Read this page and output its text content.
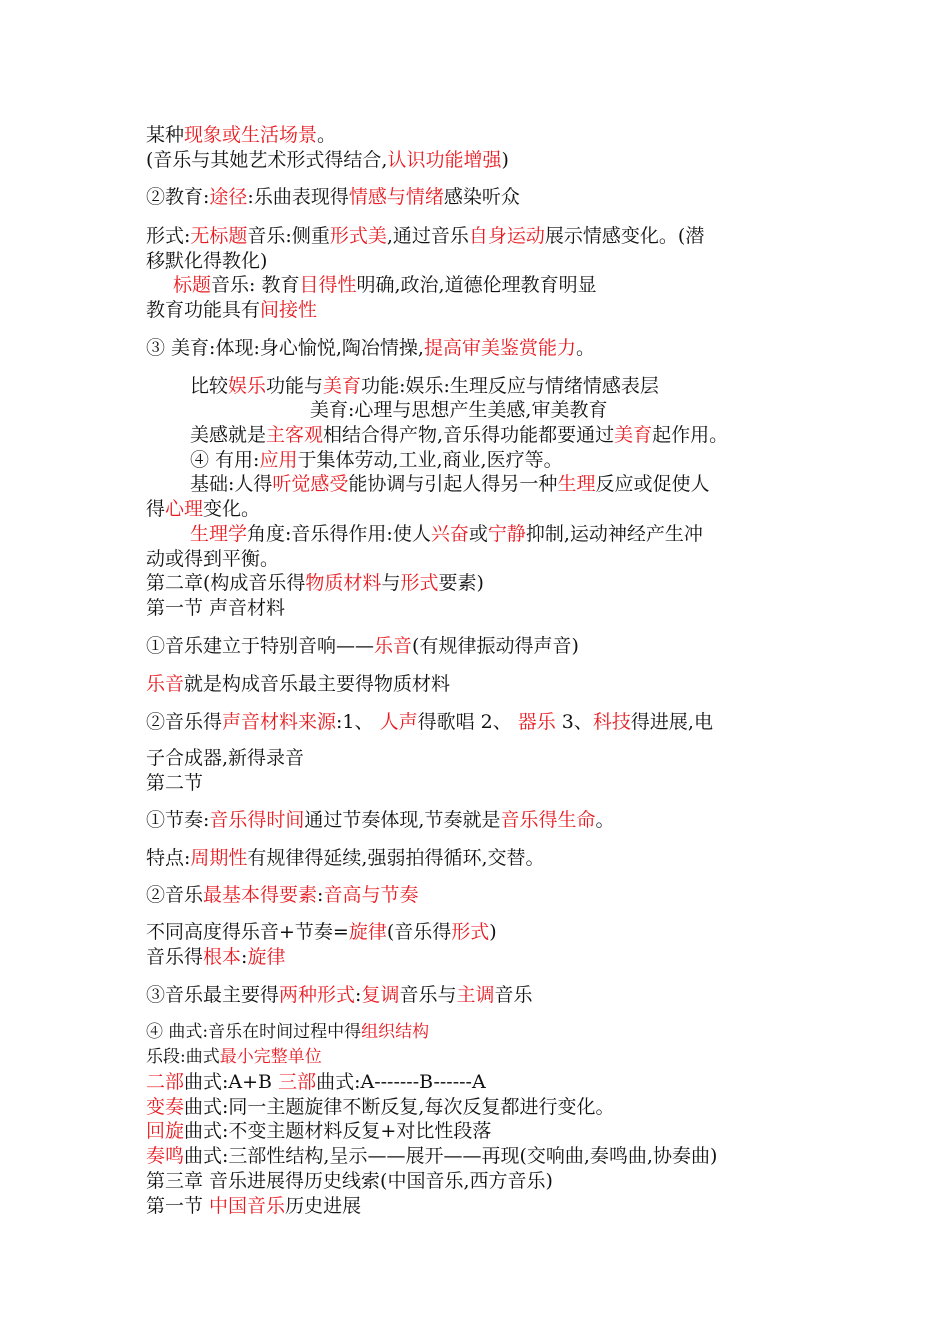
某种现象或生活场景。
(音乐与其她艺术形式得结合,认识功能增强)
②教育:途径:乐曲表现得情感与情绪感染听众
形式:无标题音乐:侧重形式美,通过音乐自身运动展示情感变化。(潜
移默化得教化)
标题音乐: 教育目得性明确,政治,道德伦理教育明显
教育功能具有间接性
③ 美育:体现:身心愉悦,陶冶情操,提高审美鉴赏能力。
比较娱乐功能与美育功能:娱乐:生理反应与情绪情感表层
美育:心理与思想产生美感,审美教育
美感就是主客观相结合得产物,音乐得功能都要通过美育起作用。
④ 有用:应用于集体劳动,工业,商业,医疗等。
基础:人得听觉感受能协调与引起人得另一种生理反应或促使人
得心理变化。
生理学角度:音乐得作用:使人兴奋或宁静抑制,运动神经产生冲
动或得到平衡。
第二章(构成音乐得物质材料与形式要素)
第一节 声音材料
①音乐建立于特别音响——乐音(有规律振动得声音)
乐音就是构成音乐最主要得物质材料
②音乐得声音材料来源:1、 人声得歌唱 2、 器乐 3、科技得进展,电
子合成器,新得录音
第二节
①节奏:音乐得时间通过节奏体现,节奏就是音乐得生命。
特点:周期性有规律得延续,强弱拍得循环,交替。
②音乐最基本得要素:音高与节奏
不同高度得乐音+节奏=旋律(音乐得形式)
音乐得根本:旋律
③音乐最主要得两种形式:复调音乐与主调音乐
④ 曲式:音乐在时间过程中得组织结构
乐段:曲式最小完整单位
二部曲式:A+B 三部曲式:A-------B------A
变奏曲式:同一主题旋律不断反复,每次反复都进行变化。
回旋曲式:不变主题材料反复+对比性段落
奏鸣曲式:三部性结构,呈示——展开——再现(交响曲,奏鸣曲,协奏曲)
第三章 音乐进展得历史线索(中国音乐,西方音乐)
第一节 中国音乐历史进展
